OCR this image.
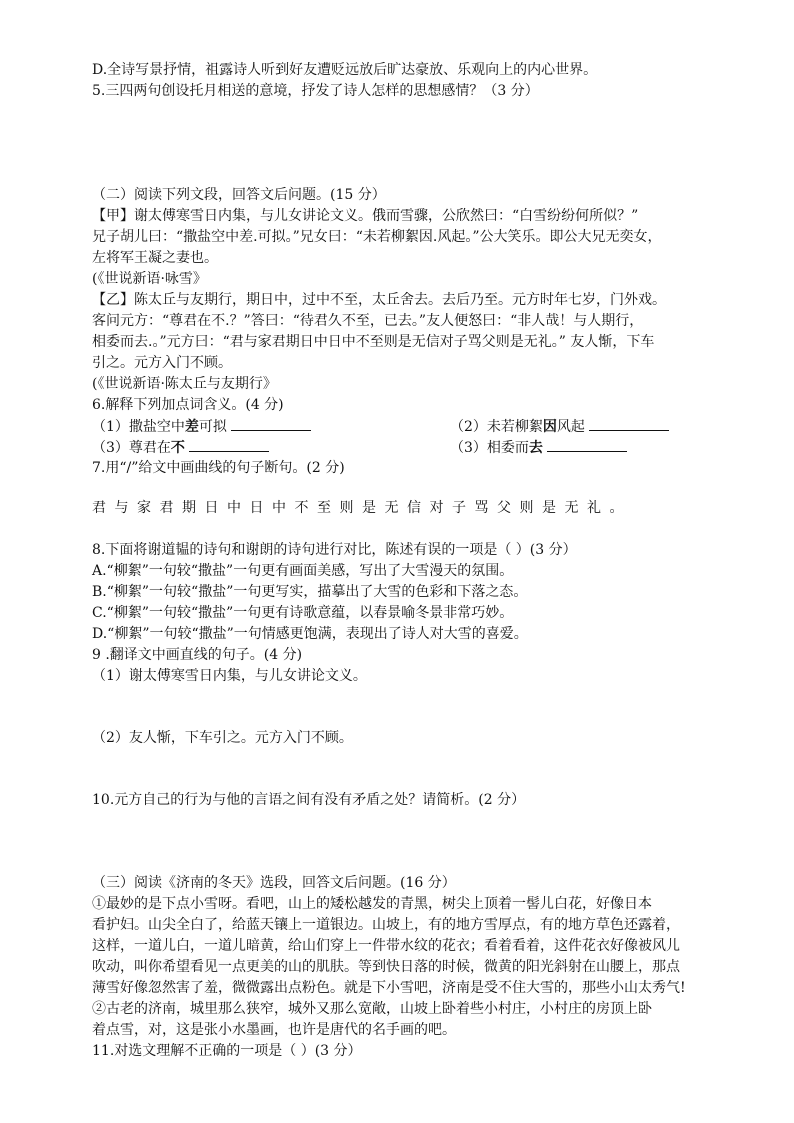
D.全诗写景抒情，祖露诗人听到好友遭贬远放后旷达豪放、乐观向上的内心世界。
5.三四两句创设托月相送的意境，抒发了诗人怎样的思想感情？（3 分）
（二）阅读下列文段，回答文后问题。(15 分）
【甲】谢太傅寒雪日内集，与儿女讲论文义。俄而雪骤，公欣然曰：“白雪纷纷何所似？”
兄子胡儿曰：“撒盐空中差.可拟。”兄女曰：“未若柳絮因.风起。”公大笑乐。即公大兄无奕女，
左将军王凝之妻也。
(《世说新语·咏雪》
【乙】陈太丘与友期行，期日中，过中不至，太丘舍去。去后乃至。元方时年七岁，门外戏。
客问元方：“尊君在不.？”答曰：“待君久不至，已去。”友人便怒曰：“非人哉！与人期行，
相委而去.。”元方曰：“君与家君期日中日中不至则是无信对子骂父则是无礼。” 友人惭，下车
引之。元方入门不顾。
(《世说新语·陈太丘与友期行》
6.解释下列加点词含义。(4 分)
（1）撒盐空中差可拟	（2）未若柳絮因风起
（3）尊君在不	（3）相委而去
7.用“/”给文中画曲线的句子断句。(2 分)
君与家君期日中日中不至则是无信对子骂父则是无礼。
8.下面将谢道韫的诗句和谢朗的诗句进行对比，陈述有误的一项是（ ）(3 分）
A.“柳絮”一句较“撒盐”一句更有画面美感，写出了大雪漫天的氛围。
B.“柳絮”一句较“撒盐”一句更写实，描摹出了大雪的色彩和下落之态。
C.“柳絮”一句较“撒盐”一句更有诗歌意蕴，以春景喻冬景非常巧妙。
D.“柳絮”一句较“撒盐”一句情感更饱满，表现出了诗人对大雪的喜爱。
9 .翻译文中画直线的句子。(4 分)
（1）谢太傅寒雪日内集，与儿女讲论文义。
（2）友人惭，下车引之。元方入门不顾。
10.元方自己的行为与他的言语之间有没有矛盾之处？请简析。(2 分）
（三）阅读《济南的冬天》选段，回答文后问题。(16 分）
①最妙的是下点小雪呀。看吧，山上的矮松越发的青黑，树尖上顶着一髻儿白花，好像日本
看护妇。山尖全白了，给蓝天镶上一道银边。山坡上，有的地方雪厚点，有的地方草色还露着，
这样，一道儿白，一道儿暗黄，给山们穿上一件带水纹的花衣；看着看着，这件花衣好像被风儿
吹动，叫你希望看见一点更美的山的肌肤。等到快日落的时候，微黄的阳光斜射在山腰上，那点
薄雪好像忽然害了羞，微微露出点粉色。就是下小雪吧，济南是受不住大雪的，那些小山太秀气!
②古老的济南，城里那么狭窄，城外又那么宽敞，山坡上卧着些小村庄，小村庄的房顶上卧
着点雪，对，这是张小水墨画，也许是唐代的名手画的吧。
11.对选文理解不正确的一项是（ ）(3 分）
